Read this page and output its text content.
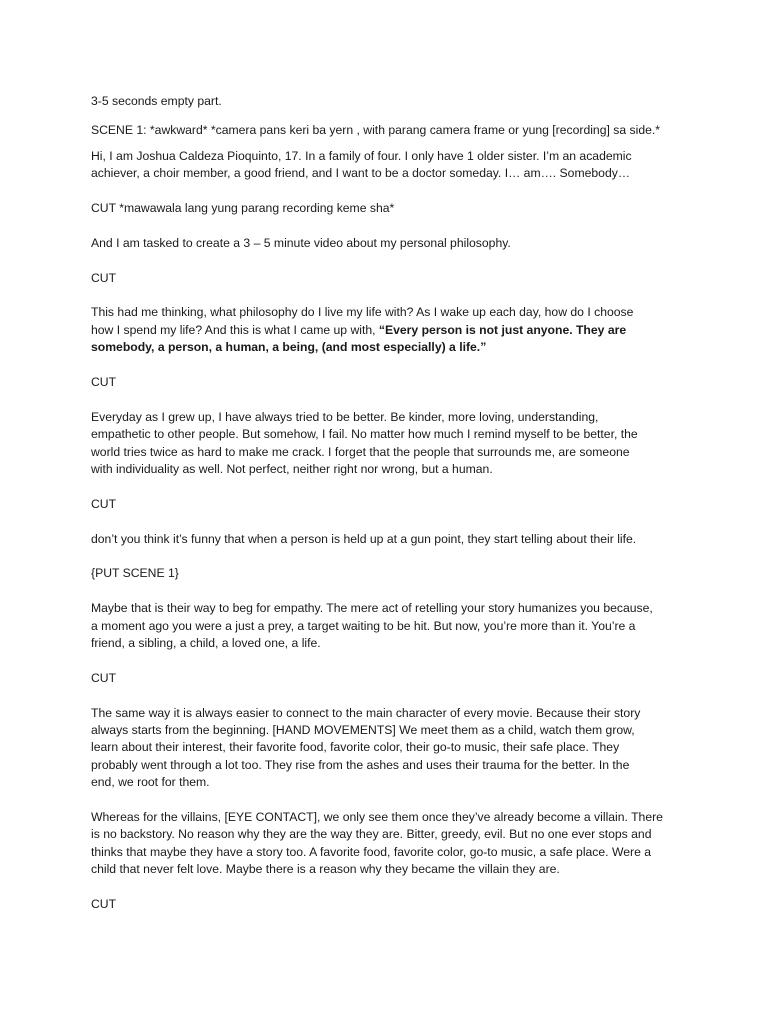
3-5 seconds empty part.

SCENE 1: *awkward* *camera pans keri ba yern , with parang camera frame or yung [recording] sa side.*

Hi, I am Joshua Caldeza Pioquinto, 17. In a family of four. I only have 1 older sister. I’m an academic
achiever, a choir member, a good friend, and I want to be a doctor someday. I… am…. Somebody…

CUT *mawawala lang yung parang recording keme sha*

And I am tasked to create a 3 – 5 minute video about my personal philosophy.

CUT

This had me thinking, what philosophy do I live my life with? As I wake up each day, how do I choose
how I spend my life? And this is what I came up with, “Every person is not just anyone. They are
somebody, a person, a human, a being, (and most especially) a life.”

CUT

Everyday as I grew up, I have always tried to be better. Be kinder, more loving, understanding,
empathetic to other people. But somehow, I fail. No matter how much I remind myself to be better, the
world tries twice as hard to make me crack. I forget that the people that surrounds me, are someone
with individuality as well. Not perfect, neither right nor wrong, but a human.

CUT

don’t you think it’s funny that when a person is held up at a gun point, they start telling about their life.

{PUT SCENE 1}

Maybe that is their way to beg for empathy. The mere act of retelling your story humanizes you because,
a moment ago you were a just a prey, a target waiting to be hit. But now, you’re more than it. You’re a
friend, a sibling, a child, a loved one, a life.

CUT

The same way it is always easier to connect to the main character of every movie. Because their story
always starts from the beginning. [HAND MOVEMENTS] We meet them as a child, watch them grow,
learn about their interest, their favorite food, favorite color, their go-to music, their safe place. They
probably went through a lot too. They rise from the ashes and uses their trauma for the better. In the
end, we root for them.

Whereas for the villains, [EYE CONTACT], we only see them once they’ve already become a villain. There
is no backstory. No reason why they are the way they are. Bitter, greedy, evil. But no one ever stops and
thinks that maybe they have a story too. A favorite food, favorite color, go-to music, a safe place. Were a
child that never felt love. Maybe there is a reason why they became the villain they are.

CUT
